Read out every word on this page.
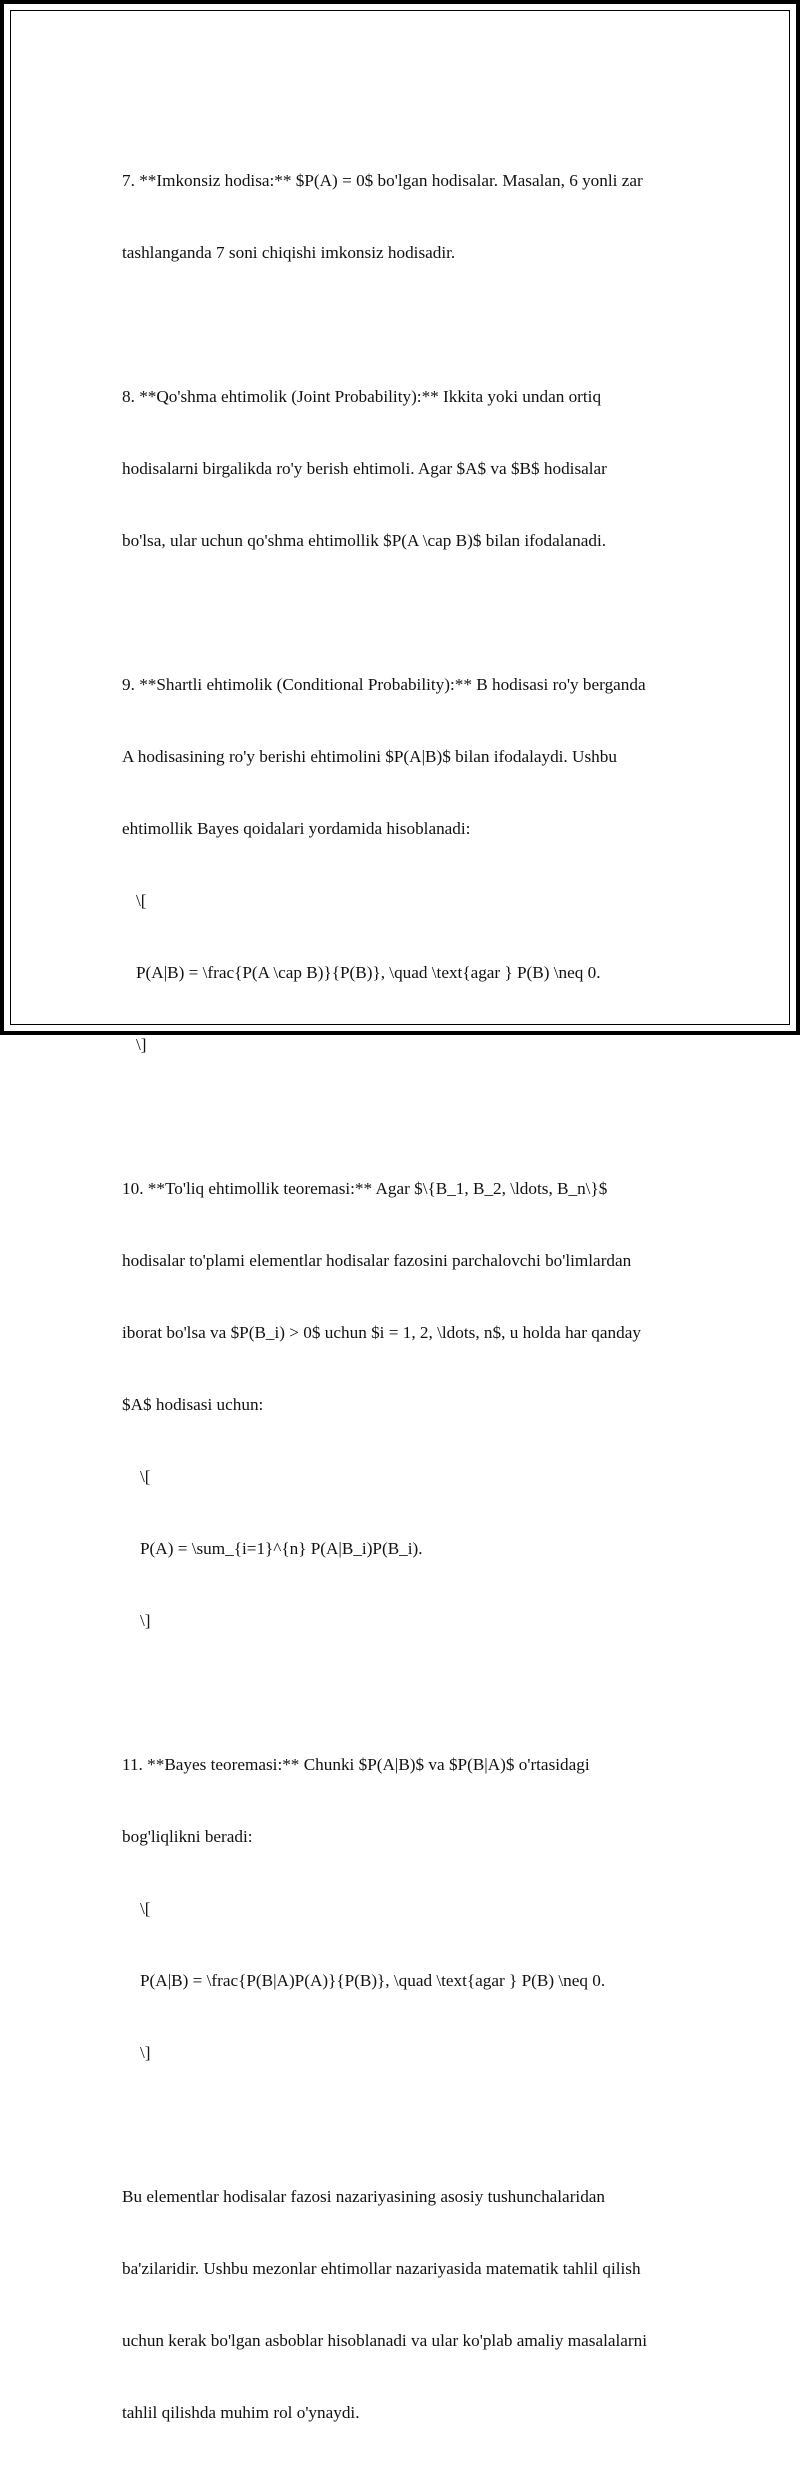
7. **Imkonsiz hodisa:** $P(A) = 0$ bo'lgan hodisalar. Masalan, 6 yonli zar

tashlanganda 7 soni chiqishi imkonsiz hodisadir.

8. **Qo'shma ehtimolik (Joint Probability):** Ikkita yoki undan ortiq

hodisalarni birgalikda ro'y berish ehtimoli. Agar $A$ va $B$ hodisalar

bo'lsa, ular uchun qo'shma ehtimollik $P(A \cap B)$ bilan ifodalanadi.

9. **Shartli ehtimolik (Conditional Probability):** B hodisasi ro'y berganda

A hodisasining ro'y berishi ehtimolini $P(A|B)$ bilan ifodalaydi. Ushbu

ehtimollik Bayes qoidalari yordamida hisoblanadi:

\[

P(A|B) = \frac{P(A \cap B)}{P(B)}, \quad \text{agar } P(B) \neq 0.

\]

10. **To'liq ehtimollik teoremasi:** Agar $\{B_1, B_2, \ldots, B_n\}$

hodisalar to'plami elementlar hodisalar fazosini parchalovchi bo'limlardan

iborat bo'lsa va $P(B_i) > 0$ uchun $i = 1, 2, \ldots, n$, u holda har qanday

$A$ hodisasi uchun:

\[

P(A) = \sum_{i=1}^{n} P(A|B_i)P(B_i).

\]

11. **Bayes teoremasi:** Chunki $P(A|B)$ va $P(B|A)$ o'rtasidagi

bog'liqlikni beradi:

\[

P(A|B) = \frac{P(B|A)P(A)}{P(B)}, \quad \text{agar } P(B) \neq 0.

\]

Bu elementlar hodisalar fazosi nazariyasining asosiy tushunchalaridan

ba'zilaridir. Ushbu mezonlar ehtimollar nazariyasida matematik tahlil qilish

uchun kerak bo'lgan asboblar hisoblanadi va ular ko'plab amaliy masalalarni

tahlil qilishda muhim rol o'ynaydi.
